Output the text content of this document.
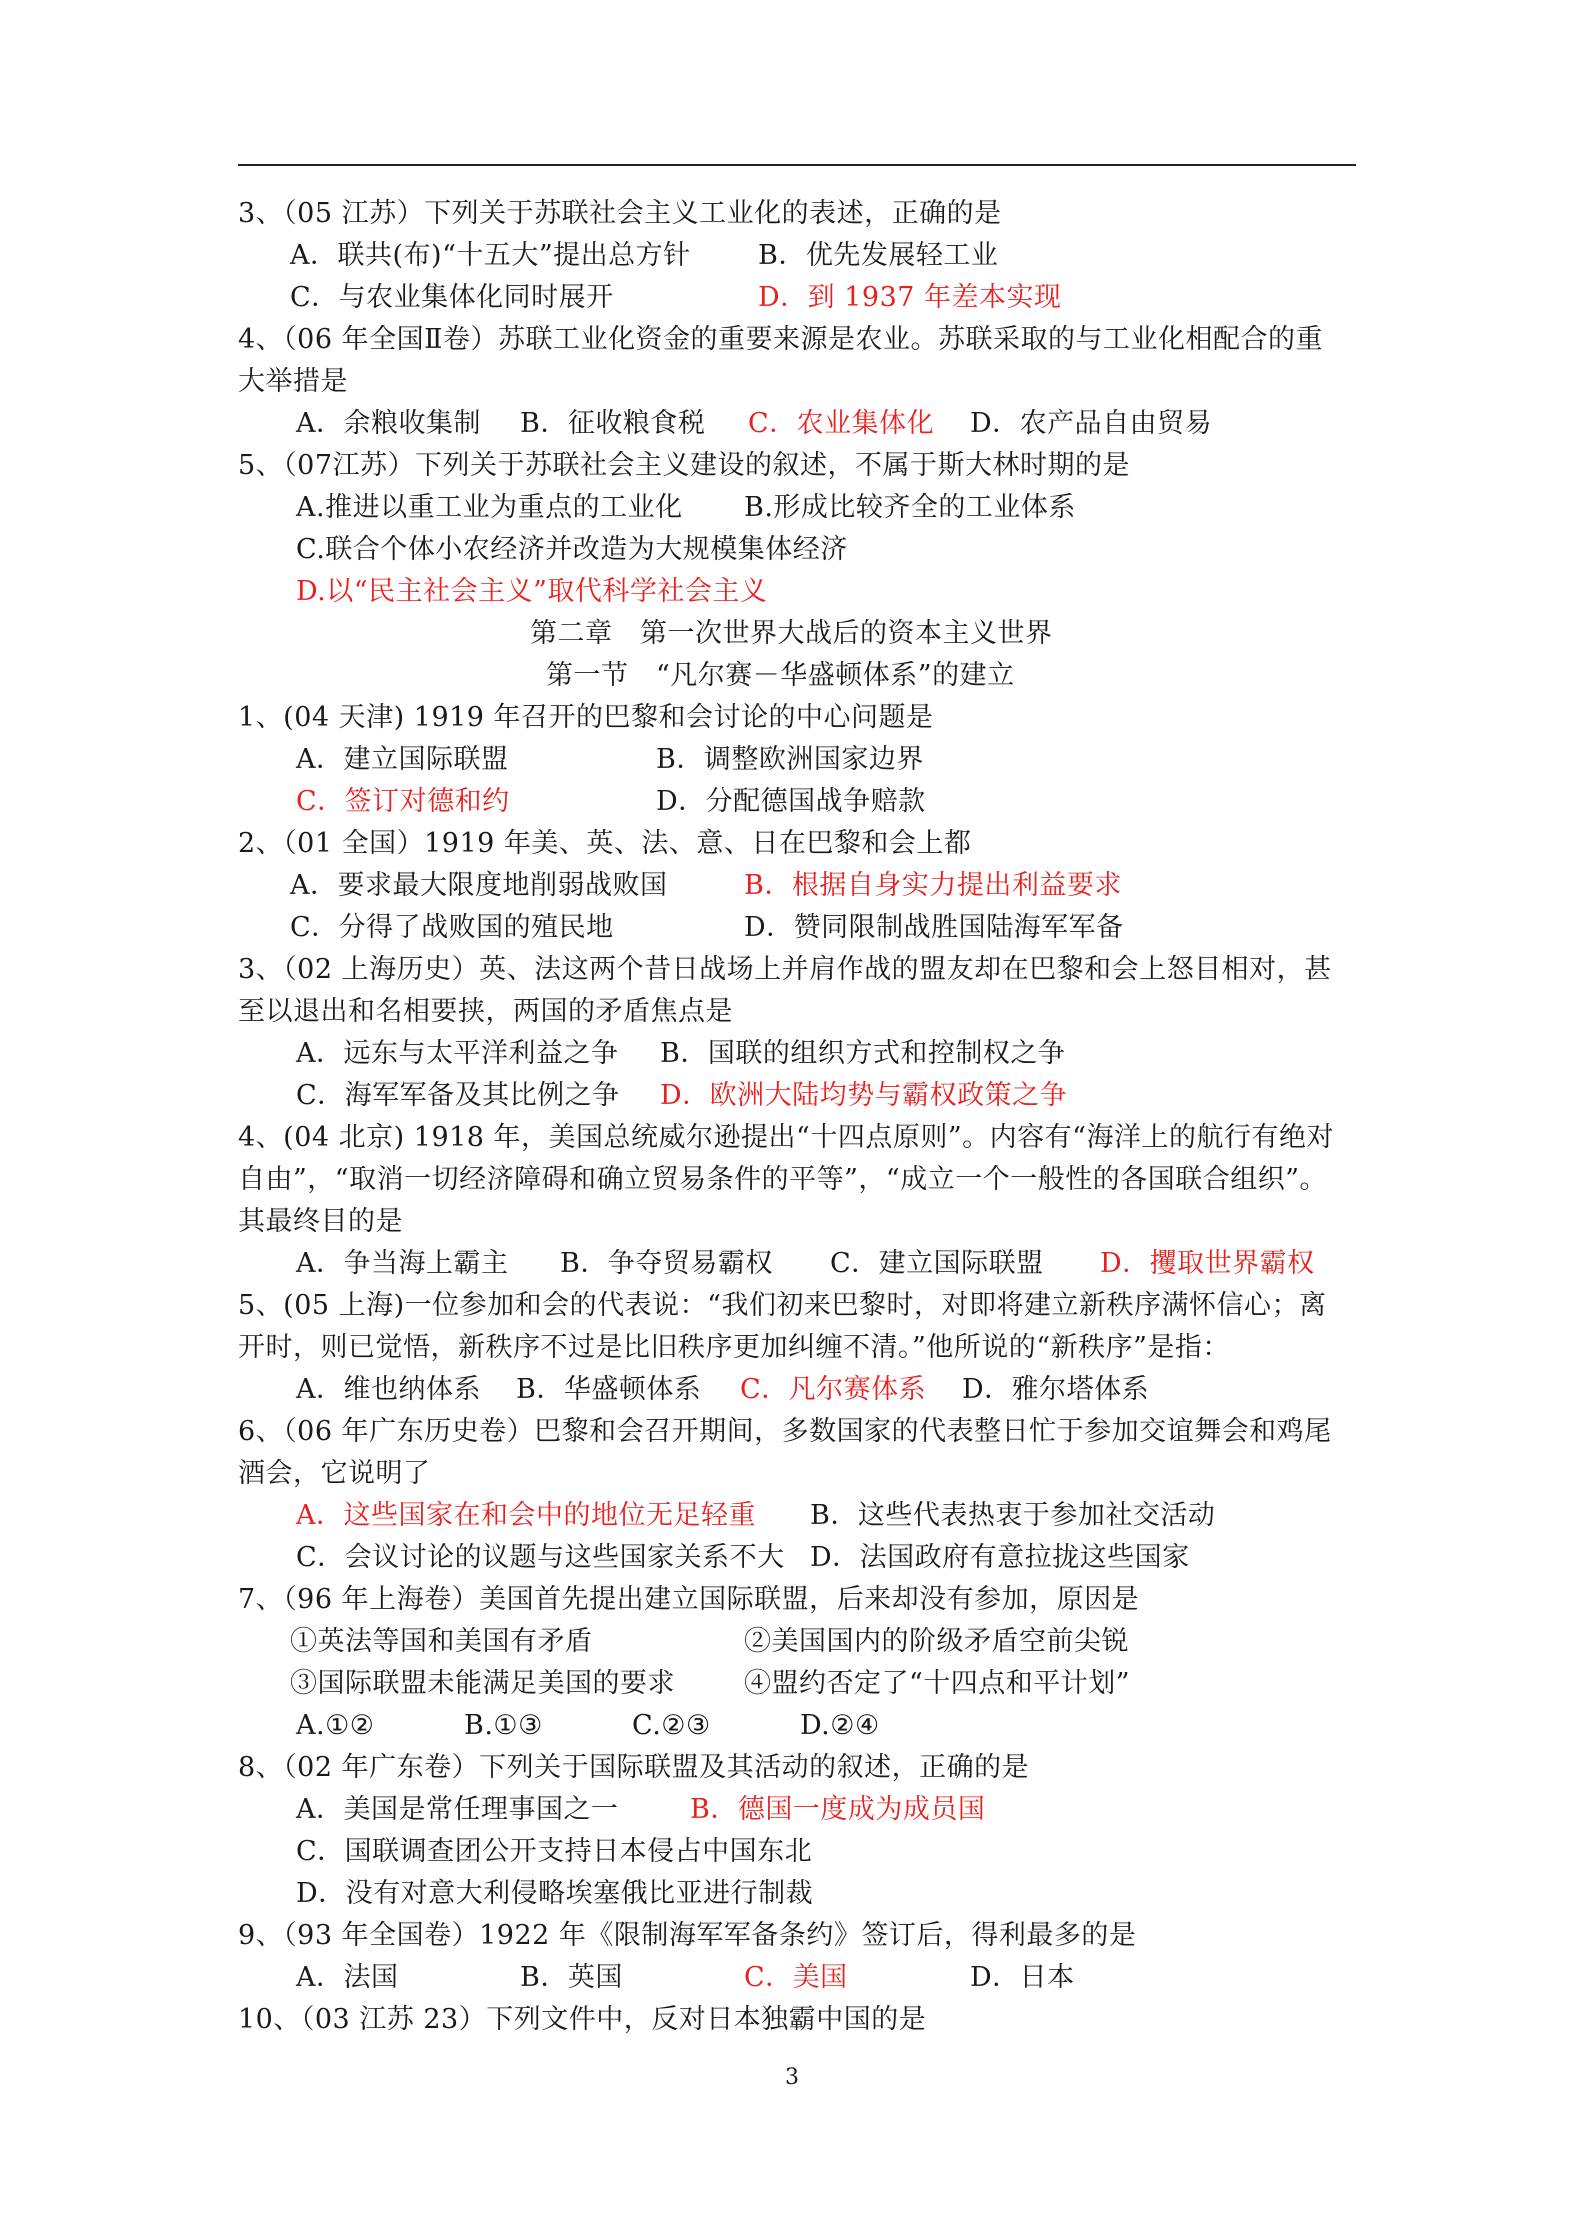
3、（05 江苏）下列关于苏联社会主义工业化的表述，正确的是
A．联共(布)“十五大”提出总方针 B．优先发展轻工业
C．与农业集体化同时展开	D．到 1937 年差本实现
4、（06 年全国Ⅱ卷）苏联工业化资金的重要来源是农业。苏联采取的与工业化相配合的重
大举措是
A．余粮收集制 B．征收粮食税 C．农业集体化 D．农产品自由贸易
5、（07江苏）下列关于苏联社会主义建设的叙述，不属于斯大林时期的是
A.推进以重工业为重点的工业化 B.形成比较齐全的工业体系
C.联合个体小农经济并改造为大规模集体经济
D.以“民主社会主义”取代科学社会主义
第二章　第一次世界大战后的资本主义世界
第一节　“凡尔赛－华盛顿体系”的建立
1、(04 天津) 1919 年召开的巴黎和会讨论的中心问题是
A．建立国际联盟	B．调整欧洲国家边界
C．签订对德和约	D．分配德国战争赔款
2、（01 全国）1919 年美、英、法、意、日在巴黎和会上都
A．要求最大限度地削弱战败国	B．根据自身实力提出利益要求
C．分得了战败国的殖民地	D．赞同限制战胜国陆海军军备
3、（02 上海历史）英、法这两个昔日战场上并肩作战的盟友却在巴黎和会上怒目相对，甚
至以退出和名相要挟，两国的矛盾焦点是
A．远东与太平洋利益之争 B．国联的组织方式和控制权之争
C．海军军备及其比例之争 D．欧洲大陆均势与霸权政策之争
4、(04 北京) 1918 年，美国总统威尔逊提出“十四点原则”。内容有“海洋上的航行有绝对
自由”，“取消一切经济障碍和确立贸易条件的平等”，“成立一个一般性的各国联合组织”。
其最终目的是
A．争当海上霸主 B．争夺贸易霸权 C．建立国际联盟 D．攫取世界霸权
5、(05 上海)一位参加和会的代表说：“我们初来巴黎时，对即将建立新秩序满怀信心；离
开时，则已觉悟，新秩序不过是比旧秩序更加纠缠不清。”他所说的“新秩序”是指：
A．维也纳体系 B．华盛顿体系 C．凡尔赛体系 D．雅尔塔体系
6、（06 年广东历史卷）巴黎和会召开期间，多数国家的代表整日忙于参加交谊舞会和鸡尾
酒会，它说明了
A．这些国家在和会中的地位无足轻重 B．这些代表热衷于参加社交活动
C．会议讨论的议题与这些国家关系不大 D．法国政府有意拉拢这些国家
7、（96 年上海卷）美国首先提出建立国际联盟，后来却没有参加，原因是
①英法等国和美国有矛盾	②美国国内的阶级矛盾空前尖锐
③国际联盟未能满足美国的要求	④盟约否定了“十四点和平计划”
A.①②	B.①③	C.②③	D.②④
8、（02 年广东卷）下列关于国际联盟及其活动的叙述，正确的是
A．美国是常任理事国之一	B．德国一度成为成员国
C．国联调查团公开支持日本侵占中国东北
D．没有对意大利侵略埃塞俄比亚进行制裁
9、（93 年全国卷）1922 年《限制海军军备条约》签订后，得利最多的是
A．法国	B．英国	C．美国	D．日本
10、（03 江苏 23）下列文件中，反对日本独霸中国的是
3
